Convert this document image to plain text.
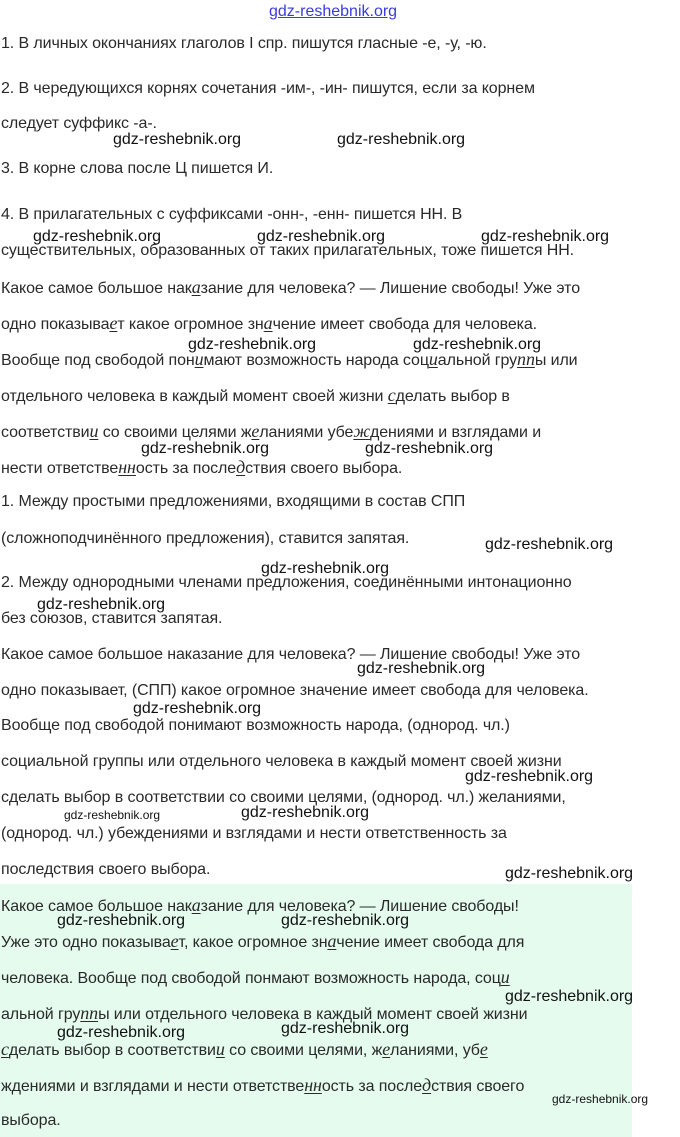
1. В личных окончаниях глаголов I спр. пишутся гласные -е, -у, -ю.
2. В чередующихся корнях сочетания -им-, -ин- пишутся, если за корнем
следует суффикс -а-.
3. В корне слова после Ц пишется И.
4. В прилагательных с суффиксами -онн-, -енн- пишется НН. В
существительных, образованных от таких прилагательных, тоже пишется НН.
Какое самое большое наказание для человека? — Лишение свободы! Уже это
одно показывает какое огромное значение имеет свобода для человека.
Вообще под свободой понимают возможность народа социальной группы или
отдельного человека в каждый момент своей жизни сделать выбор в
соответствии со своими целями желаниями убеждениями и взглядами и
нести ответственность за последствия своего выбора.
1. Между простыми предложениями, входящими в состав СПП
(сложноподчинённого предложения), ставится запятая.
2. Между однородными членами предложения, соединёнными интонационно
без союзов, ставится запятая.
Какое самое большое наказание для человека? — Лишение свободы! Уже это
одно показывает, (СПП) какое огромное значение имеет свобода для человека.
Вообще под свободой понимают возможность народа, (однород. чл.)
социальной группы или отдельного человека в каждый момент своей жизни
сделать выбор в соответствии со своими целями, (однород. чл.) желаниями,
(однород. чл.) убеждениями и взглядами и нести ответственность за
последствия своего выбора.
Какое самое большое наказание для человека? — Лишение свободы!
Уже это одно показывает, какое огромное значение имеет свобода для
человека. Вообще под свободой понмают возможность народа, соци
альной группы или отдельного человека в каждый момент своей жизни
сделать выбор в соответствии со своими целями, желаниями, убе
ждениями и взглядами и нести ответственность за последствия своего
выбора.
gdz-reshebnik.org
gdz-reshebnik.org	gdz-reshebnik.org
gdz-reshebnik.org	gdz-reshebnik.org	gdz-reshebnik.org
gdz-reshebnik.org	gdz-reshebnik.org
gdz-reshebnik.org	gdz-reshebnik.org
gdz-reshebnik.org
gdz-reshebnik.org
gdz-reshebnik.org
gdz-reshebnik.org
gdz-reshebnik.org
gdz-reshebnik.org
gdz-reshebnik.org	gdz-reshebnik.org
gdz-reshebnik.org
gdz-reshebnik.org	gdz-reshebnik.org
gdz-reshebnik.org
gdz-reshebnik.org	gdz-reshebnik.org
gdz-reshebnik.org
